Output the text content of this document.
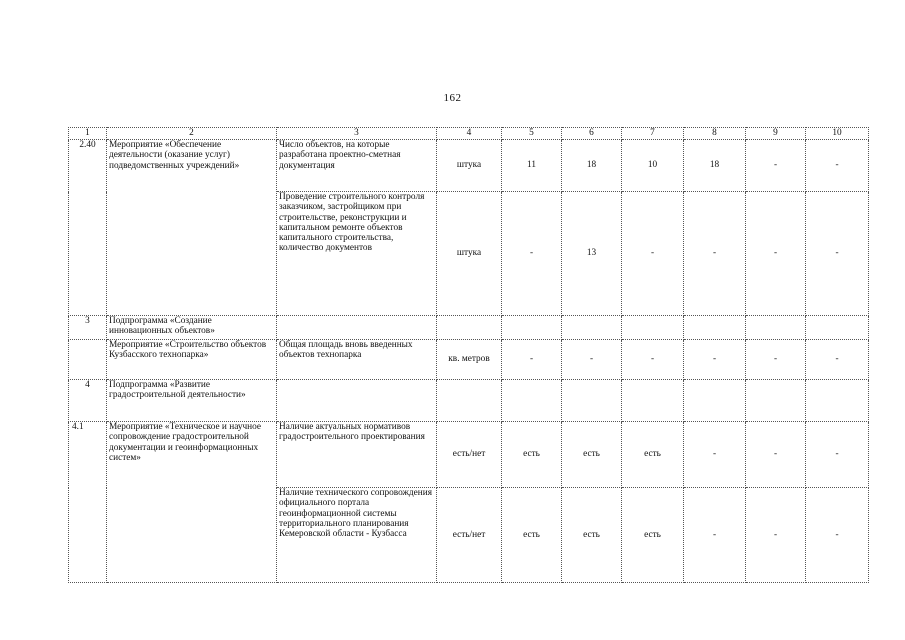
162
1	2	3	4	5	6	7	8	9	10
2.40	Мероприятие «Обеспечение деятельности (оказание услуг) подведомственных учреждений»	Число объектов, на которые разработана проектно-сметная документация	штука	11	18	10	18	-	-
		Проведение строительного контроля заказчиком, застройщиком при строительстве, реконструкции и капитальном ремонте объектов капитального строительства, количество документов	штука	-	13	-	-	-	-
3	Подпрограмма «Создание инновационных объектов»								
	Мероприятие «Строительство объектов Кузбасского технопарка»	Общая площадь вновь введенных объектов технопарка	кв. метров	-	-	-	-	-	-
4	Подпрограмма «Развитие градостроительной деятельности»								
4.1	Мероприятие «Техническое и научное сопровождение градостроительной документации и геоинформационных систем»	Наличие актуальных нормативов градостроительного проектирования	есть/нет	есть	есть	есть	-	-	-
		Наличие технического сопровождения официального портала геоинформационной системы территориального планирования Кемеровской области - Кузбасса	есть/нет	есть	есть	есть	-	-	-
